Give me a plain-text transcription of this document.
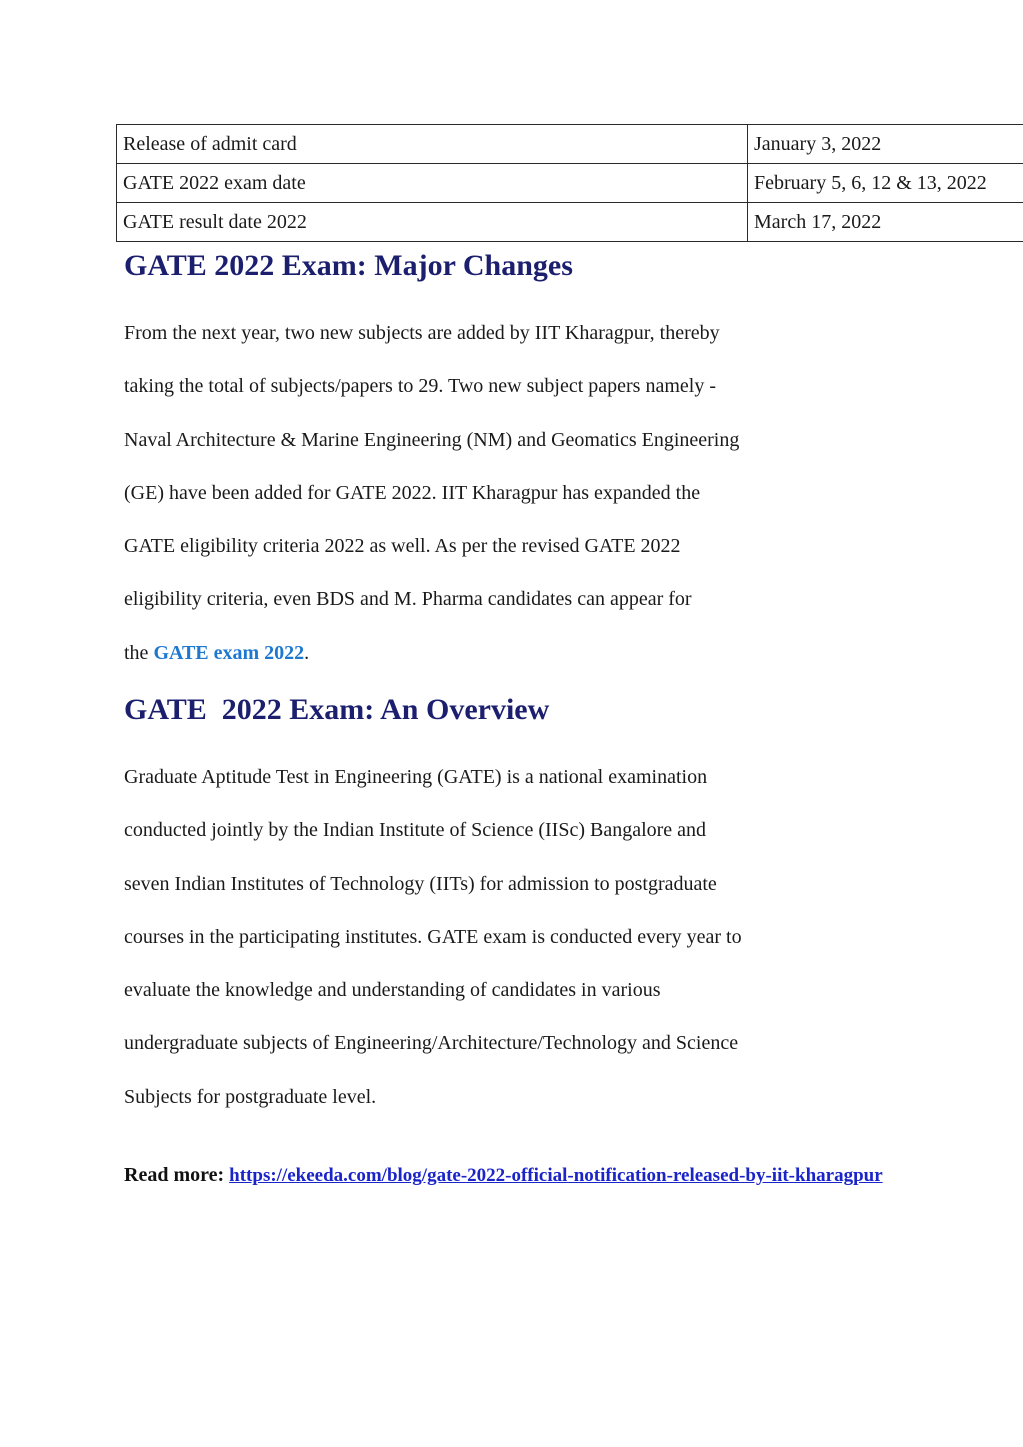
Release of admit card	January 3, 2022
GATE 2022 exam date	February 5, 6, 12 & 13, 2022
GATE result date 2022	March 17, 2022
GATE 2022 Exam: Major Changes
From the next year, two new subjects are added by IIT Kharagpur, thereby
taking the total of subjects/papers to 29. Two new subject papers namely -
Naval Architecture & Marine Engineering (NM) and Geomatics Engineering
(GE) have been added for GATE 2022. IIT Kharagpur has expanded the
GATE eligibility criteria 2022 as well. As per the revised GATE 2022
eligibility criteria, even BDS and M. Pharma candidates can appear for
the GATE exam 2022.
GATE  2022 Exam: An Overview
Graduate Aptitude Test in Engineering (GATE) is a national examination
conducted jointly by the Indian Institute of Science (IISc) Bangalore and
seven Indian Institutes of Technology (IITs) for admission to postgraduate
courses in the participating institutes. GATE exam is conducted every year to
evaluate the knowledge and understanding of candidates in various
undergraduate subjects of Engineering/Architecture/Technology and Science
Subjects for postgraduate level.
Read more: https://ekeeda.com/blog/gate-2022-official-notification-released-by-iit-kharagpur
